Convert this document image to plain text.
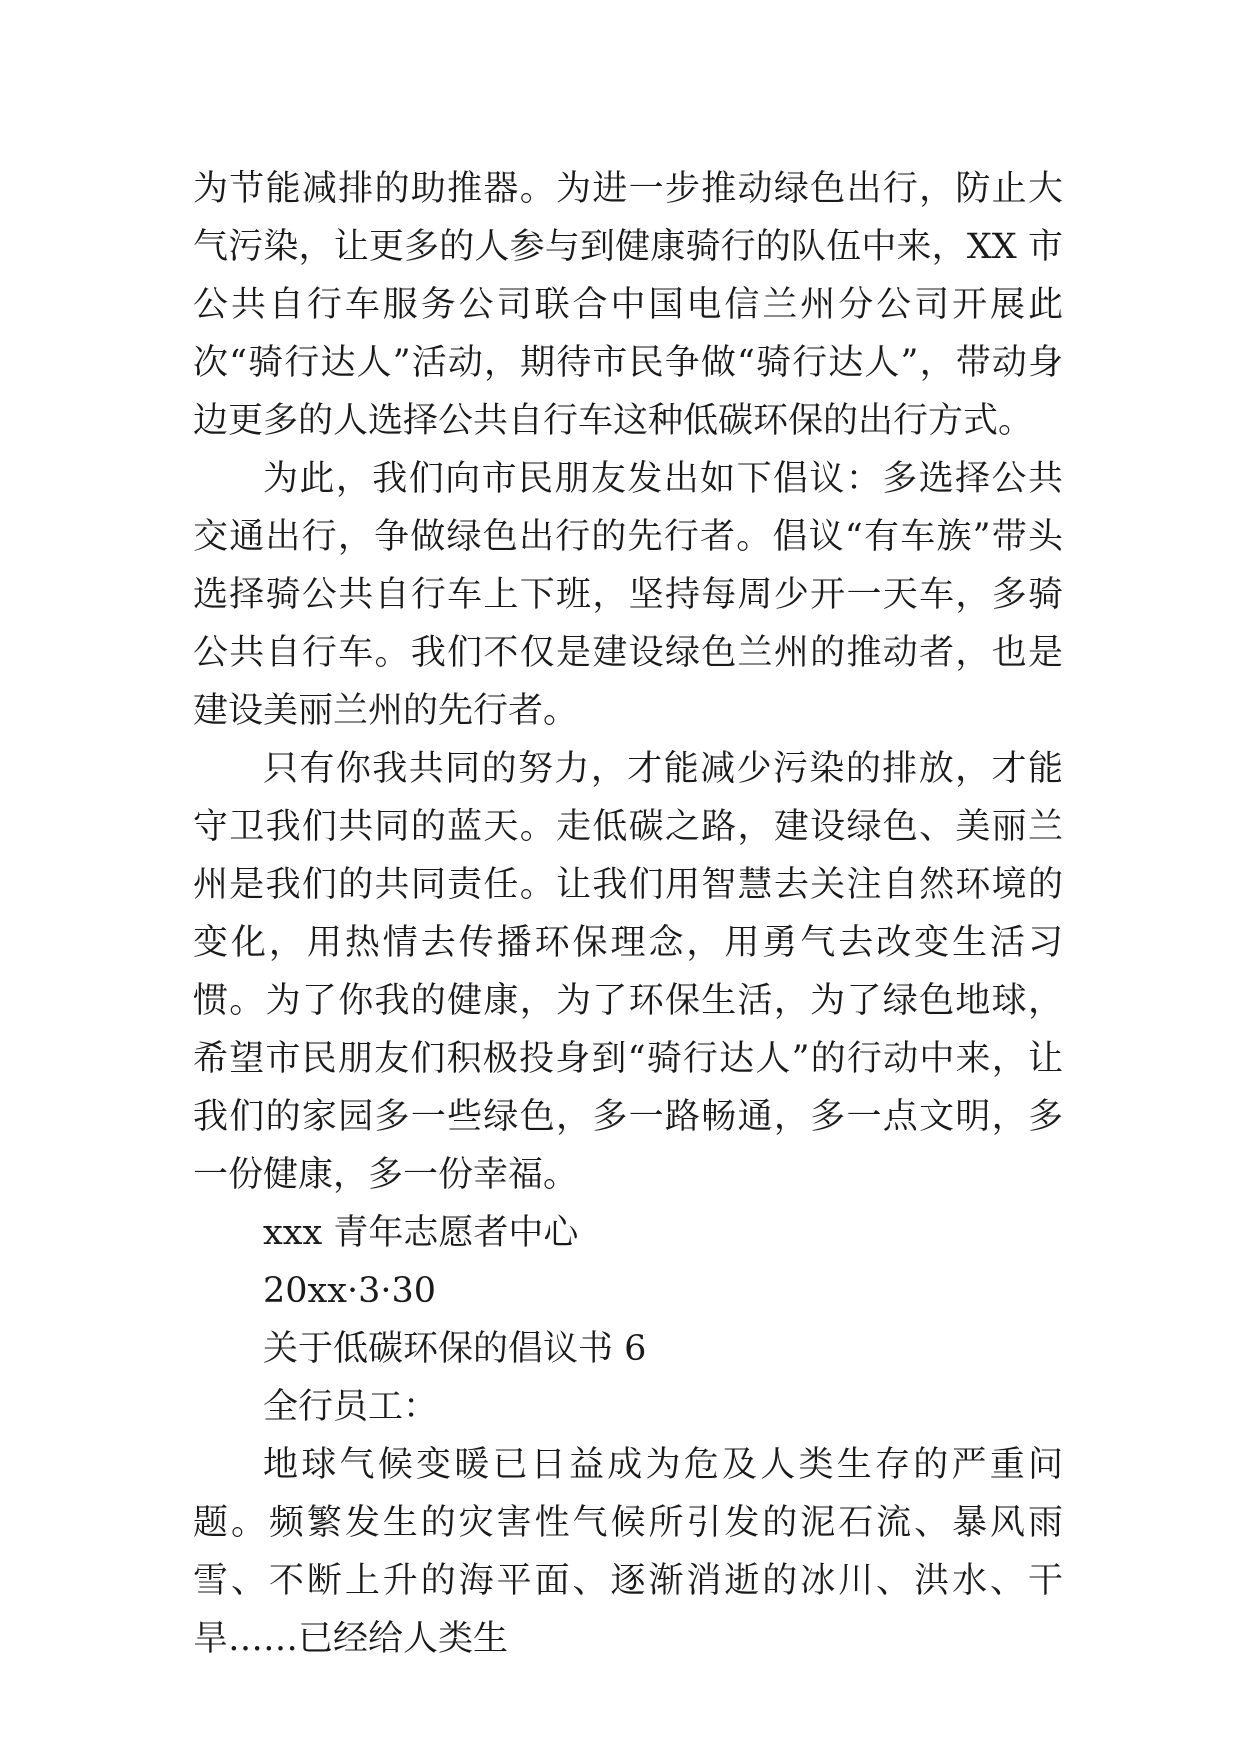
为节能减排的助推器。为进一步推动绿色出行，防止大气污染，让更多的人参与到健康骑行的队伍中来，XX 市公共自行车服务公司联合中国电信兰州分公司开展此次“骑行达人”活动，期待市民争做“骑行达人”，带动身边更多的人选择公共自行车这种低碳环保的出行方式。

为此，我们向市民朋友发出如下倡议：多选择公共交通出行，争做绿色出行的先行者。倡议“有车族”带头选择骑公共自行车上下班，坚持每周少开一天车，多骑公共自行车。我们不仅是建设绿色兰州的推动者，也是建设美丽兰州的先行者。

只有你我共同的努力，才能减少污染的排放，才能守卫我们共同的蓝天。走低碳之路，建设绿色、美丽兰州是我们的共同责任。让我们用智慧去关注自然环境的变化，用热情去传播环保理念，用勇气去改变生活习惯。为了你我的健康，为了环保生活，为了绿色地球，希望市民朋友们积极投身到“骑行达人”的行动中来，让我们的家园多一些绿色，多一路畅通，多一点文明，多一份健康，多一份幸福。

xxx 青年志愿者中心

20xx·3·30

关于低碳环保的倡议书 6

全行员工：

地球气候变暖已日益成为危及人类生存的严重问题。频繁发生的灾害性气候所引发的泥石流、暴风雨雪、不断上升的海平面、逐渐消逝的冰川、洪水、干旱……已经给人类生
